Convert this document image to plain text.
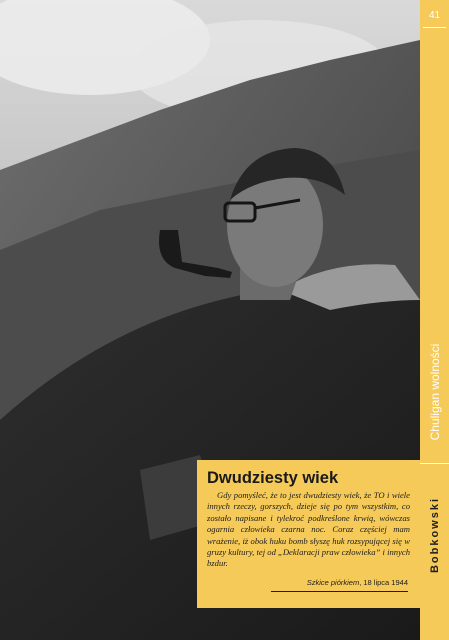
41
Chuligan wolności
Bobkowski
Dwudziesty wiek

Gdy pomyśleć, że to jest dwudziesty wiek, że TO i wiele innych rzeczy, gorszych, dzieje się po tym wszystkim, co zostało napisane i tylekroć podkreślone krwią, wówczas ogarnia człowieka czarna noc. Coraz częściej mam wrażenie, iż obok huku bomb słyszę huk rozsypującej się w gruzy kultury, tej od „Deklaracji praw człowieka” i innych bzdur.

Szkice piórkiem, 18 lipca 1944
